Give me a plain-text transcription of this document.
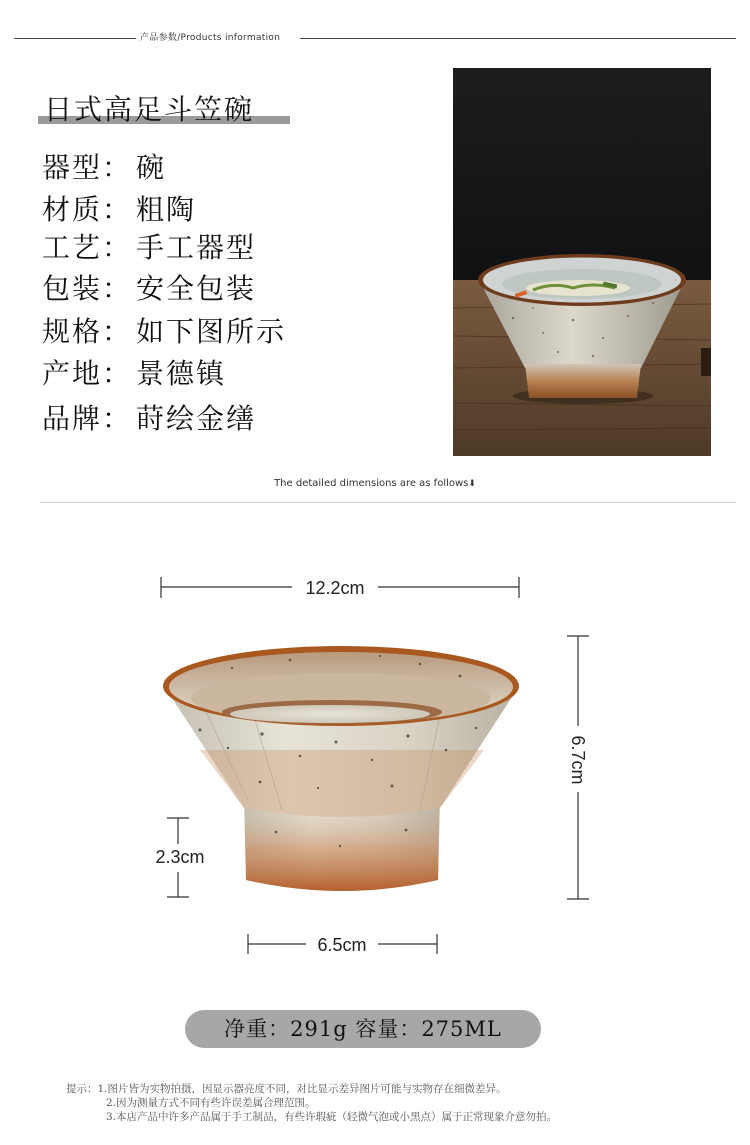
产品参数/Products information
日式高足斗笠碗
器型： 碗
材质： 粗陶
工艺： 手工器型
包装： 安全包装
规格： 如下图所示
产地： 景德镇
品牌： 莳绘金缮
The detailed dimensions are as follows⬇
12.2cm
6.7cm
2.3cm
6.5cm
净重：291g 容量：275ML
提示：1.图片皆为实物拍摄，因显示器亮度不同，对比显示差异图片可能与实物存在细微差异。
2.因为测量方式不同有些许误差属合理范围。
3.本店产品中许多产品属于手工制品，有些许瑕疵（轻微气泡或小黑点）属于正常现象介意勿拍。
